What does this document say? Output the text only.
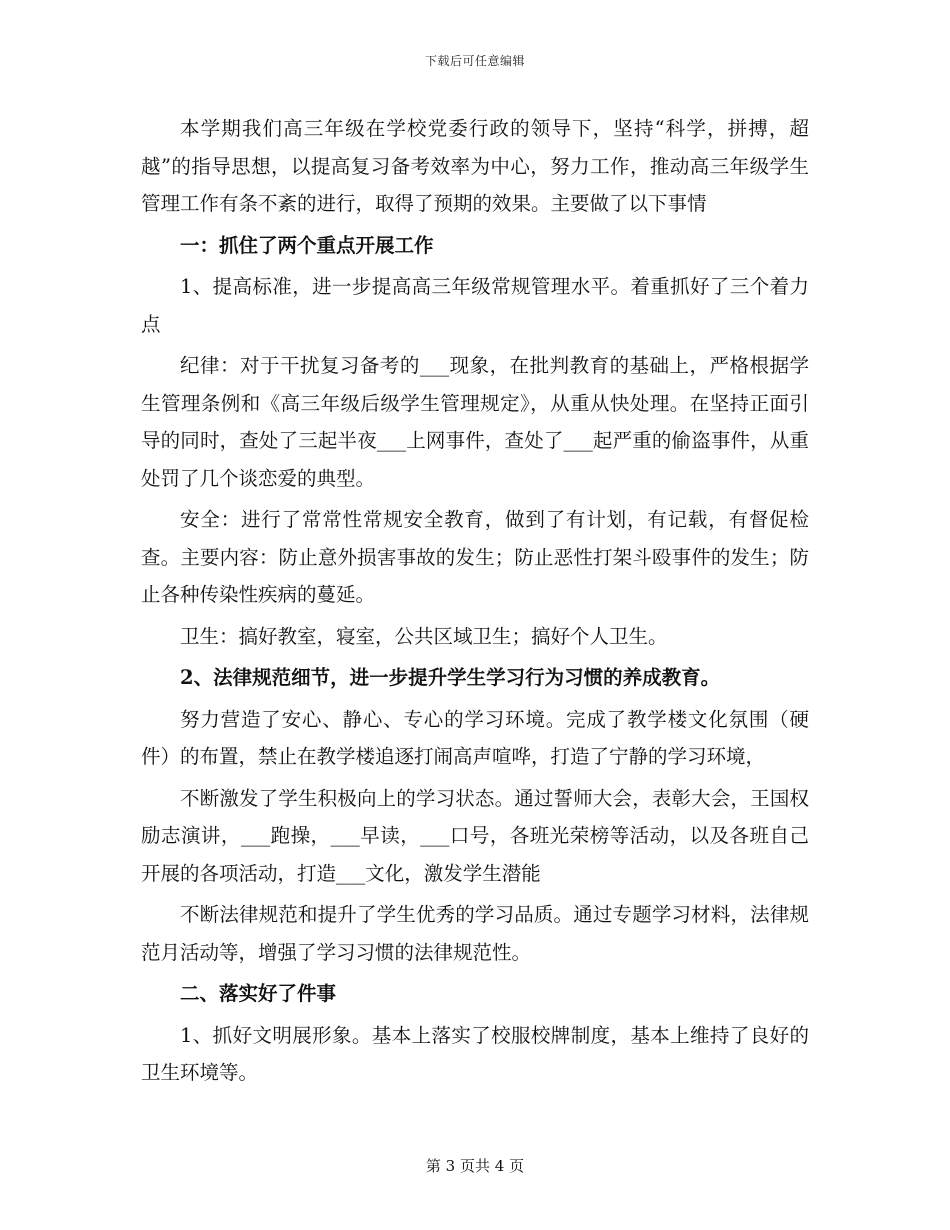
下载后可任意编辑

本学期我们高三年级在学校党委行政的领导下，坚持“科学，拼搏，超越”的指导思想，以提高复习备考效率为中心，努力工作，推动高三年级学生管理工作有条不紊的进行，取得了预期的效果。主要做了以下事情

一：抓住了两个重点开展工作

1、提高标准，进一步提高高三年级常规管理水平。着重抓好了三个着力点

纪律：对于干扰复习备考的___现象，在批判教育的基础上，严格根据学生管理条例和《高三年级后级学生管理规定》，从重从快处理。在坚持正面引导的同时，查处了三起半夜___上网事件，查处了___起严重的偷盗事件，从重处罚了几个谈恋爱的典型。

安全：进行了常常性常规安全教育，做到了有计划，有记载，有督促检查。主要内容：防止意外损害事故的发生；防止恶性打架斗殴事件的发生；防止各种传染性疾病的蔓延。

卫生：搞好教室，寝室，公共区域卫生；搞好个人卫生。

2、法律规范细节，进一步提升学生学习行为习惯的养成教育。

努力营造了安心、静心、专心的学习环境。完成了教学楼文化氛围（硬件）的布置，禁止在教学楼追逐打闹高声喧哗，打造了宁静的学习环境，

不断激发了学生积极向上的学习状态。通过誓师大会，表彰大会，王国权励志演讲，___跑操，___早读，___口号，各班光荣榜等活动，以及各班自己开展的各项活动，打造___文化，激发学生潜能

不断法律规范和提升了学生优秀的学习品质。通过专题学习材料，法律规范月活动等，增强了学习习惯的法律规范性。

二、落实好了件事

1、抓好文明展形象。基本上落实了校服校牌制度，基本上维持了良好的卫生环境等。

第 3 页共 4 页
